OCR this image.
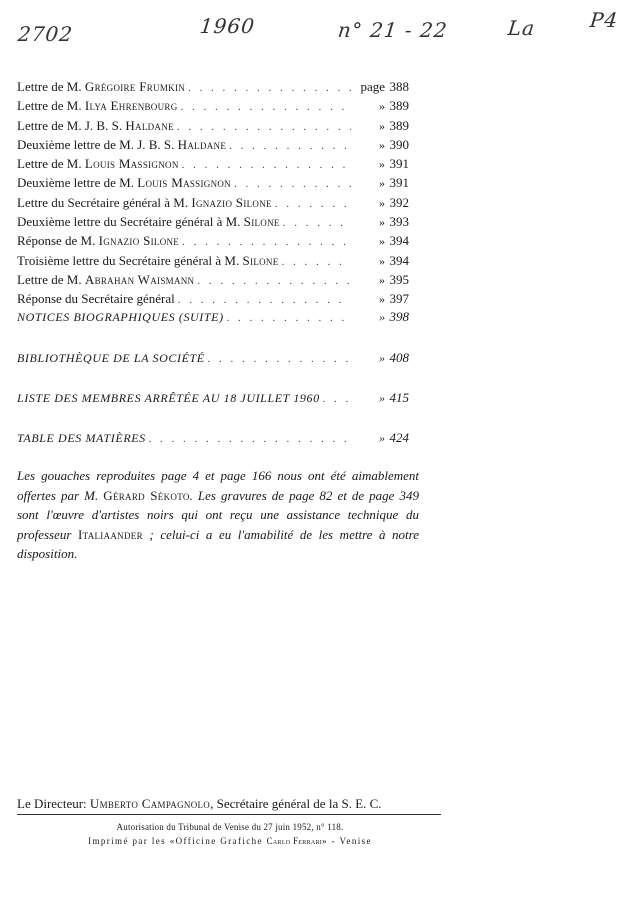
2702	1960	n° 21 - 22	La	P4
Lettre de M. Grégoire Frumkin . . .	page 388
Lettre de M. Ilya Ehrenbourg . . .	» 389
Lettre de M. J. B. S. Haldane . . .	» 389
Deuxième lettre de M. J. B. S. Haldane . . .	» 390
Lettre de M. Louis Massignon . . .	» 391
Deuxième lettre de M. Louis Massignon . . .	» 391
Lettre du Secrétaire général à M. Ignazio Silone . . .	» 392
Deuxième lettre du Secrétaire général à M. Silone . . .	» 393
Réponse de M. Ignazio Silone . . .	» 394
Troisième lettre du Secrétaire général à M. Silone . . .	» 394
Lettre de M. Abrahan Waismann . . .	» 395
Réponse du Secrétaire général . . .	» 397
NOTICES BIOGRAPHIQUES (SUITE) . . .	» 398
BIBLIOTHÈQUE DE LA SOCIÉTÉ . . .	» 408
LISTE DES MEMBRES ARRÊTÉE AU 18 JUILLET 1960 . . .	» 415
TABLE DES MATIÈRES . . .	» 424
Les gouaches reproduites page 4 et page 166 nous ont été aimablement offertes par M. Gérard Sékoto. Les gravures de page 82 et de page 349 sont l'œuvre d'artistes noirs qui ont reçu une assistance technique du professeur Italiaander ; celui-ci a eu l'amabilité de les mettre à notre disposition.
Le Directeur: Umberto Campagnolo, Secrétaire général de la S. E. C.
Autorisation du Tribunal de Venise du 27 juin 1952, n° 118.
Imprimé par les «Officine Grafiche Carlo Ferrari» - Venise
